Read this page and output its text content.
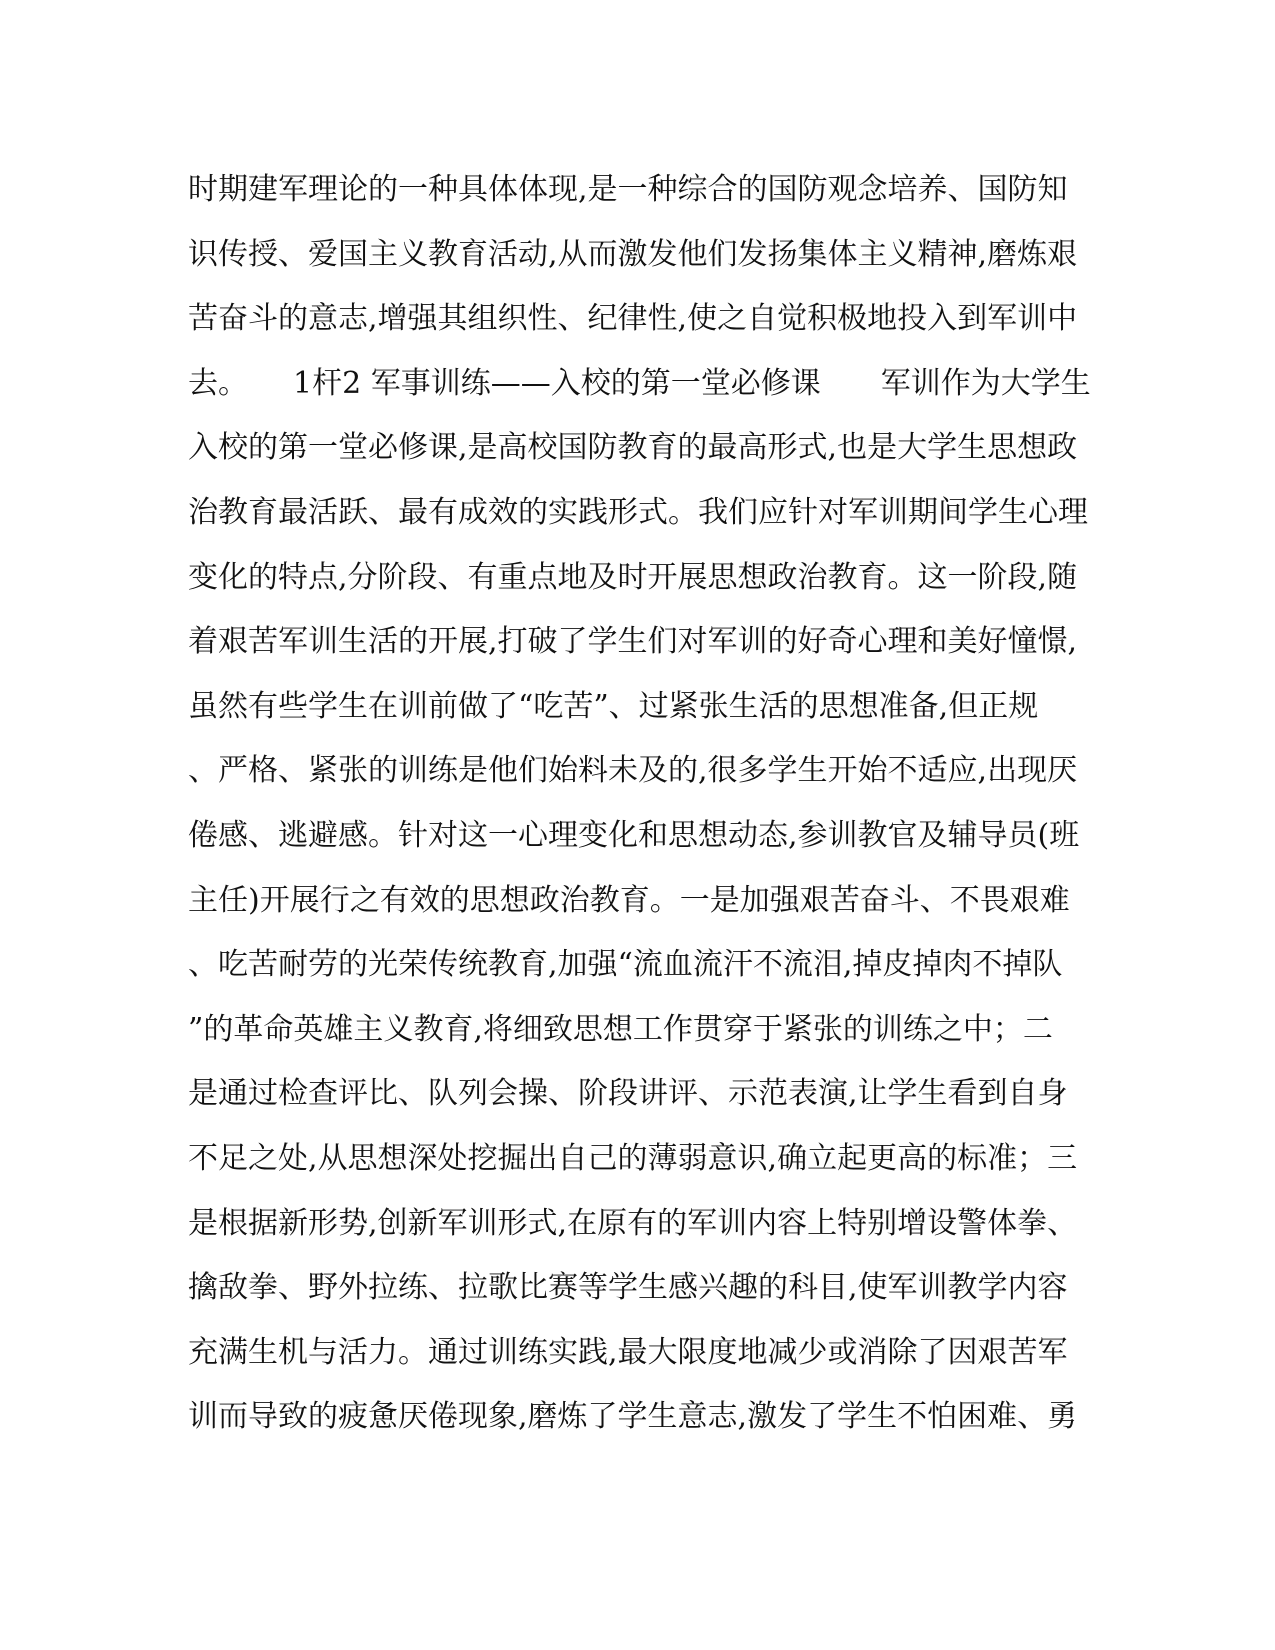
时期建军理论的一种具体体现,是一种综合的国防观念培养、国防知
识传授、爱国主义教育活动,从而激发他们发扬集体主义精神,磨炼艰
苦奋斗的意志,增强其组织性、纪律性,使之自觉积极地投入到军训中
去。　　1杆2 军事训练——入校的第一堂必修课　　军训作为大学生
入校的第一堂必修课,是高校国防教育的最高形式,也是大学生思想政
治教育最活跃、最有成效的实践形式。我们应针对军训期间学生心理
变化的特点,分阶段、有重点地及时开展思想政治教育。这一阶段,随
着艰苦军训生活的开展,打破了学生们对军训的好奇心理和美好憧憬,
虽然有些学生在训前做了“吃苦”、过紧张生活的思想准备,但正规
、严格、紧张的训练是他们始料未及的,很多学生开始不适应,出现厌
倦感、逃避感。针对这一心理变化和思想动态,参训教官及辅导员(班
主任)开展行之有效的思想政治教育。一是加强艰苦奋斗、不畏艰难
、吃苦耐劳的光荣传统教育,加强“流血流汗不流泪,掉皮掉肉不掉队
”的革命英雄主义教育,将细致思想工作贯穿于紧张的训练之中；二
是通过检查评比、队列会操、阶段讲评、示范表演,让学生看到自身
不足之处,从思想深处挖掘出自己的薄弱意识,确立起更高的标准；三
是根据新形势,创新军训形式,在原有的军训内容上特别增设警体拳、
擒敌拳、野外拉练、拉歌比赛等学生感兴趣的科目,使军训教学内容
充满生机与活力。通过训练实践,最大限度地减少或消除了因艰苦军
训而导致的疲惫厌倦现象,磨炼了学生意志,激发了学生不怕困难、勇
